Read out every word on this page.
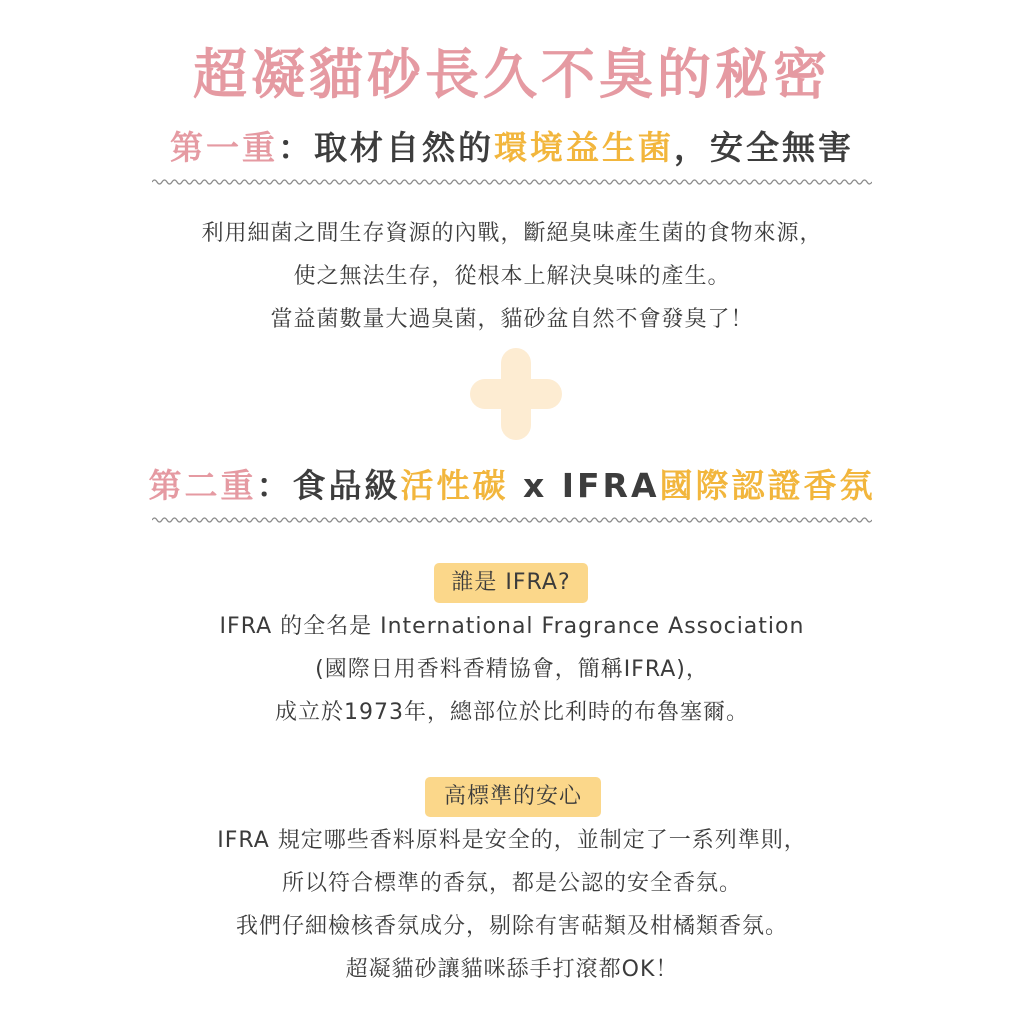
超凝貓砂長久不臭的秘密
第一重：取材自然的環境益生菌，安全無害
利用細菌之間生存資源的內戰，斷絕臭味產生菌的食物來源，
使之無法生存，從根本上解決臭味的產生。
當益菌數量大過臭菌，貓砂盆自然不會發臭了！
第二重：食品級活性碳 x IFRA國際認證香氛
誰是 IFRA?
IFRA 的全名是 International Fragrance Association
(國際日用香料香精協會，簡稱IFRA)，
成立於1973年，總部位於比利時的布魯塞爾。
高標準的安心
IFRA 規定哪些香料原料是安全的，並制定了一系列準則，
所以符合標準的香氛，都是公認的安全香氛。
我們仔細檢核香氛成分，剔除有害萜類及柑橘類香氛。
超凝貓砂讓貓咪舔手打滾都OK！
